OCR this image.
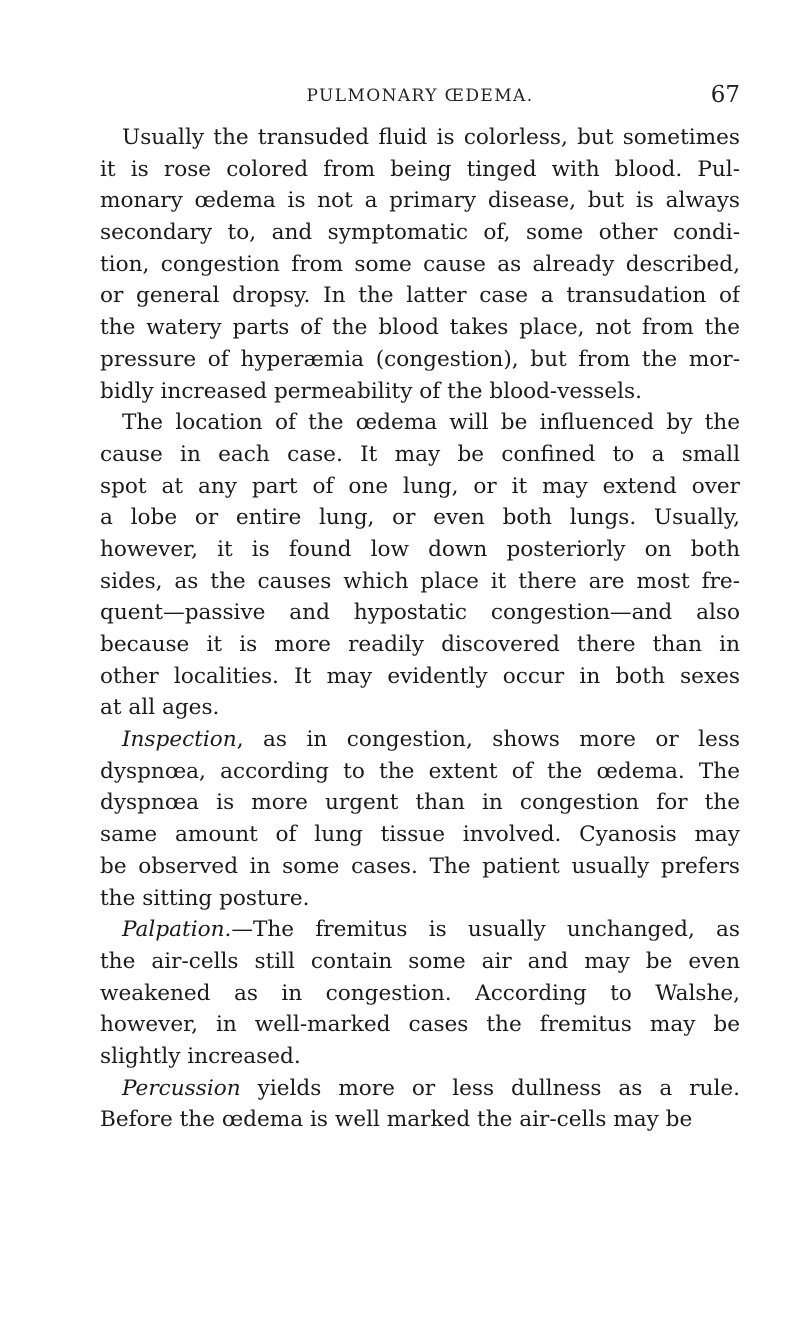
PULMONARY ŒDEMA.	67
Usually the transuded fluid is colorless, but sometimes
it is rose colored from being tinged with blood. Pul-
monary œdema is not a primary disease, but is always
secondary to, and symptomatic of, some other condi-
tion, congestion from some cause as already described,
or general dropsy. In the latter case a transudation of
the watery parts of the blood takes place, not from the
pressure of hyperæmia (congestion), but from the mor-
bidly increased permeability of the blood-vessels.
The location of the œdema will be influenced by the
cause in each case. It may be confined to a small
spot at any part of one lung, or it may extend over
a lobe or entire lung, or even both lungs. Usually,
however, it is found low down posteriorly on both
sides, as the causes which place it there are most fre-
quent—passive and hypostatic congestion—and also
because it is more readily discovered there than in
other localities. It may evidently occur in both sexes
at all ages.
Inspection, as in congestion, shows more or less
dyspnœa, according to the extent of the œdema. The
dyspnœa is more urgent than in congestion for the
same amount of lung tissue involved. Cyanosis may
be observed in some cases. The patient usually prefers
the sitting posture.
Palpation.—The fremitus is usually unchanged, as
the air-cells still contain some air and may be even
weakened as in congestion. According to Walshe,
however, in well-marked cases the fremitus may be
slightly increased.
Percussion yields more or less dullness as a rule.
Before the œdema is well marked the air-cells may be
